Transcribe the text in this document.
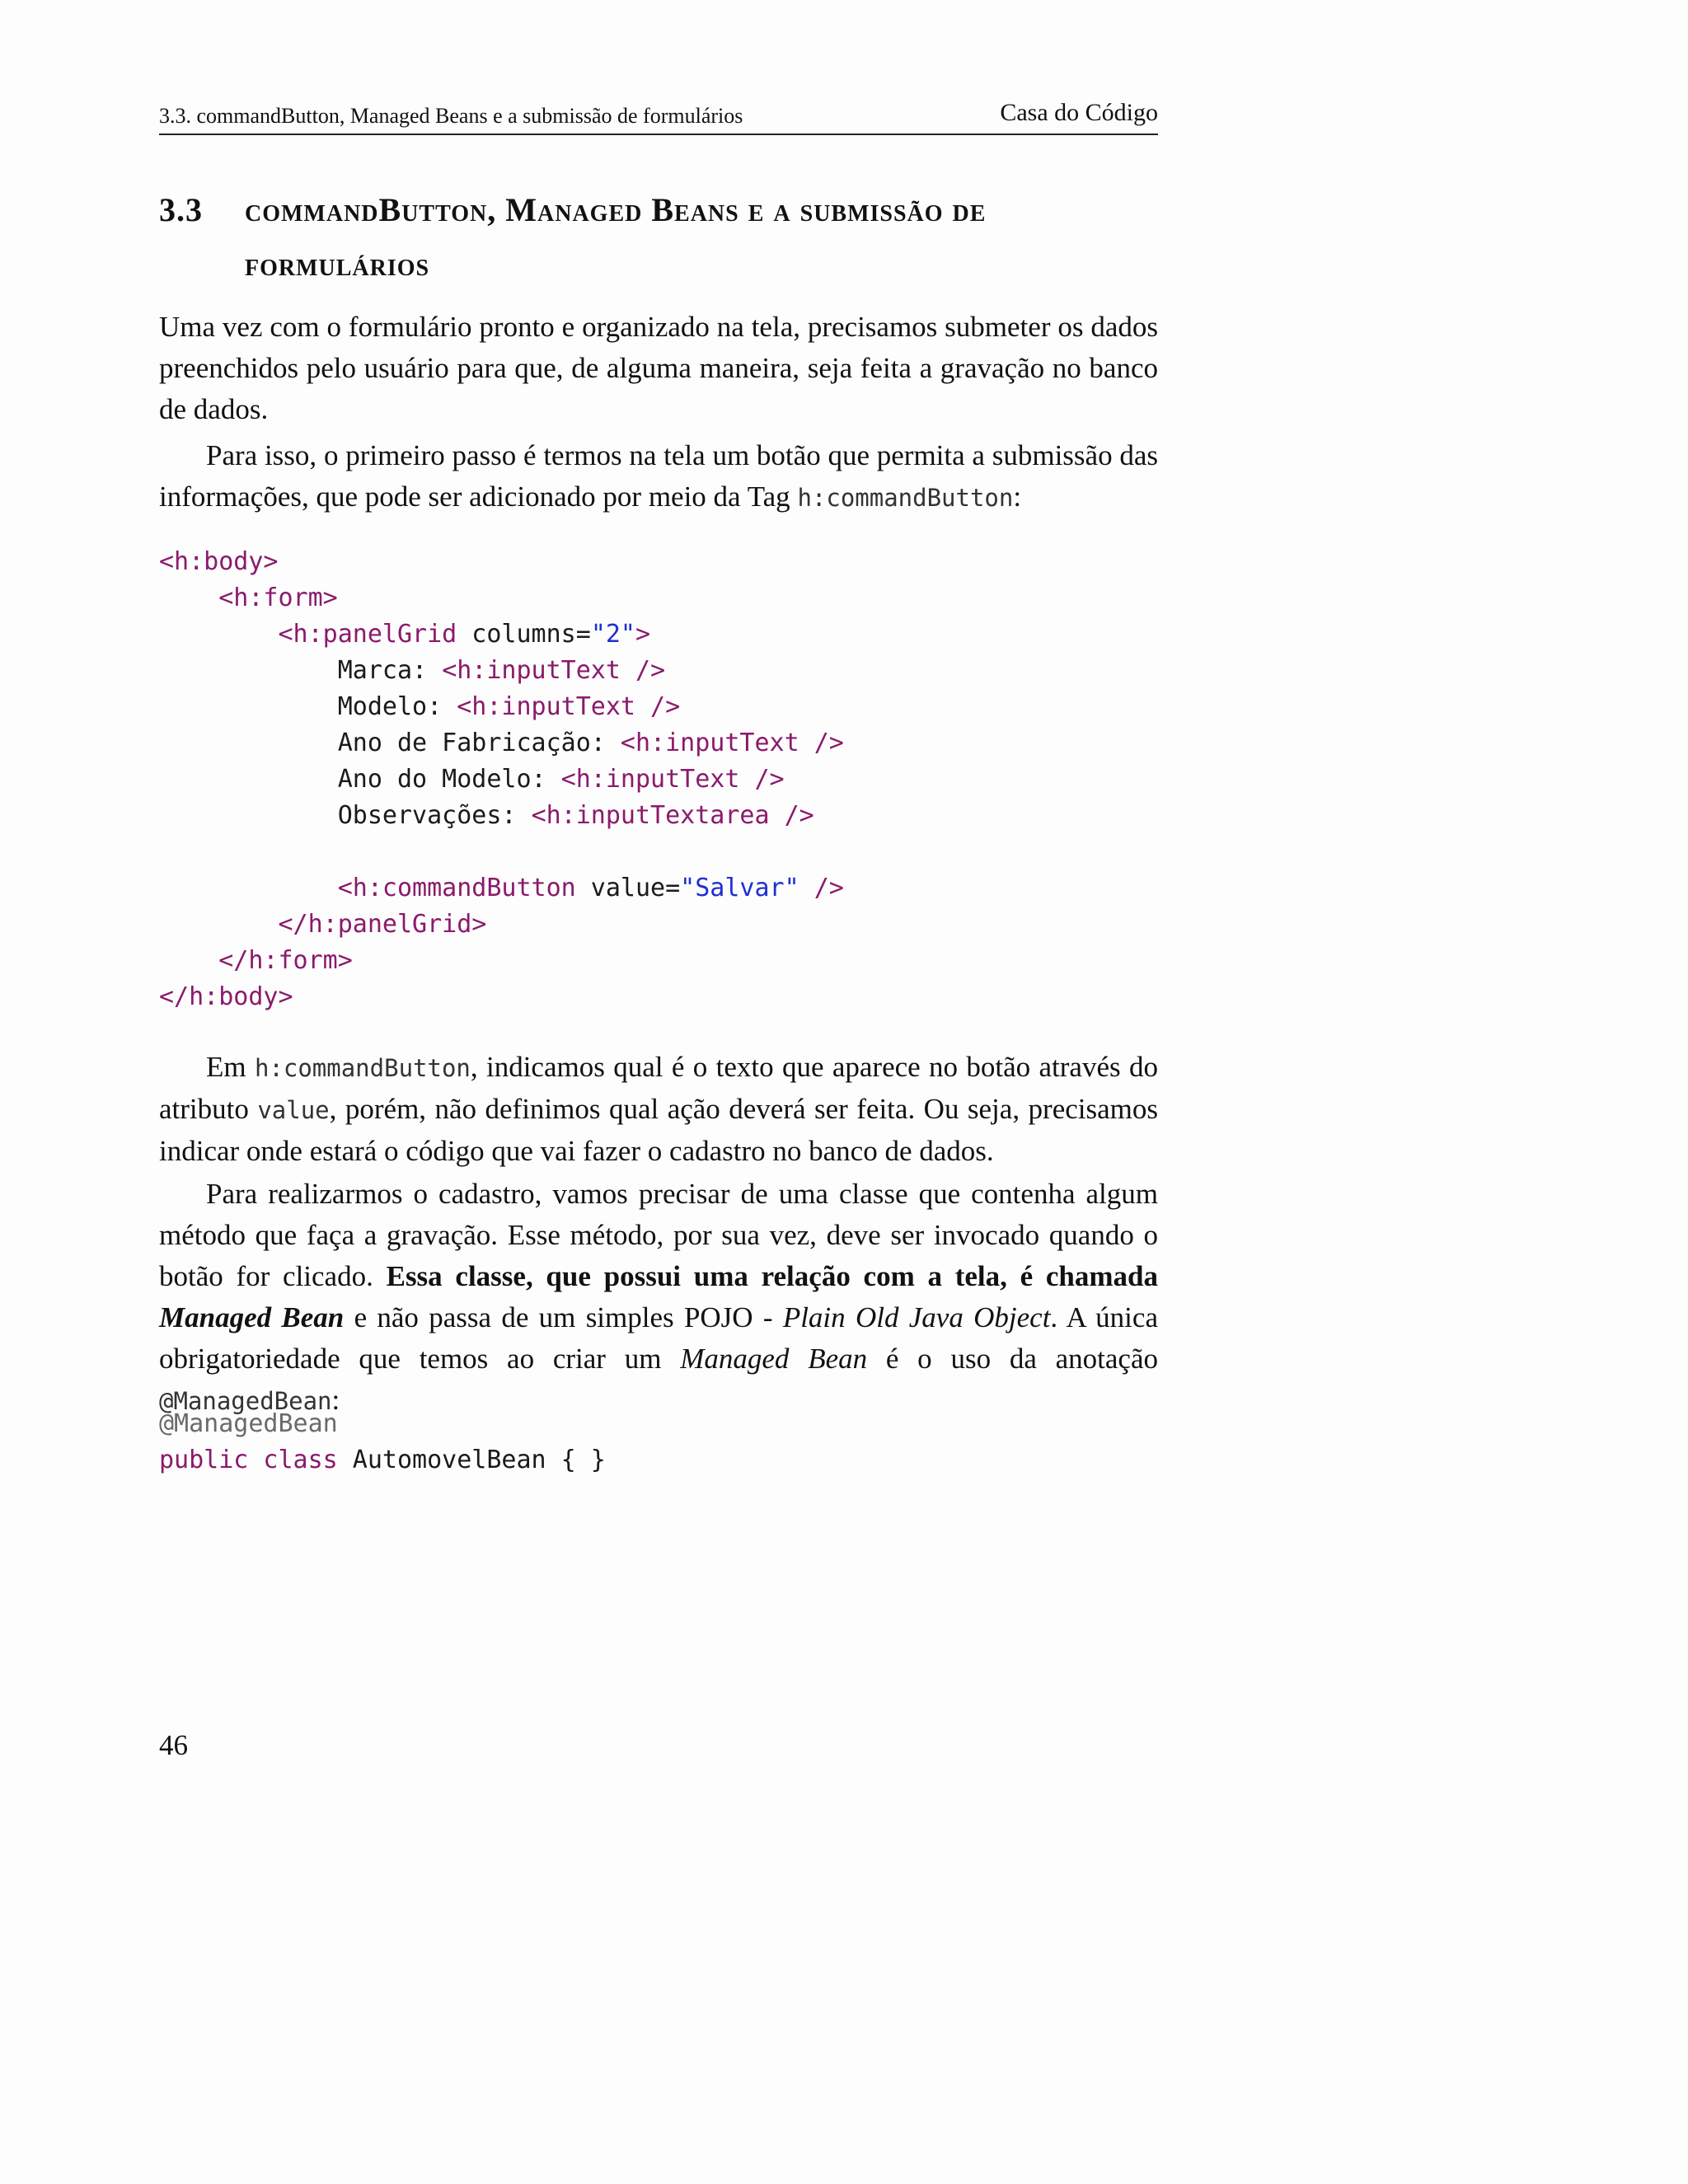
3.3. commandButton, Managed Beans e a submissão de formulários	Casa do Código
3.3 commandButton, Managed Beans e a submissão de formulários

Uma vez com o formulário pronto e organizado na tela, precisamos submeter os dados preenchidos pelo usuário para que, de alguma maneira, seja feita a gravação no banco de dados.

Para isso, o primeiro passo é termos na tela um botão que permita a submissão das informações, que pode ser adicionado por meio da Tag h:commandButton:

<h:body>
<h:form>
<h:panelGrid columns="2">
Marca: <h:inputText />
Modelo: <h:inputText />
Ano de Fabricação: <h:inputText />
Ano do Modelo: <h:inputText />
Observações: <h:inputTextarea />

<h:commandButton value="Salvar" />
</h:panelGrid>
</h:form>
</h:body>

Em h:commandButton, indicamos qual é o texto que aparece no botão através do atributo value, porém, não definimos qual ação deverá ser feita. Ou seja, precisamos indicar onde estará o código que vai fazer o cadastro no banco de dados.

Para realizarmos o cadastro, vamos precisar de uma classe que contenha algum método que faça a gravação. Esse método, por sua vez, deve ser invocado quando o botão for clicado. Essa classe, que possui uma relação com a tela, é chamada Managed Bean e não passa de um simples POJO - Plain Old Java Object. A única obrigatoriedade que temos ao criar um Managed Bean é o uso da anotação @ManagedBean:

@ManagedBean
public class AutomovelBean { }
46
